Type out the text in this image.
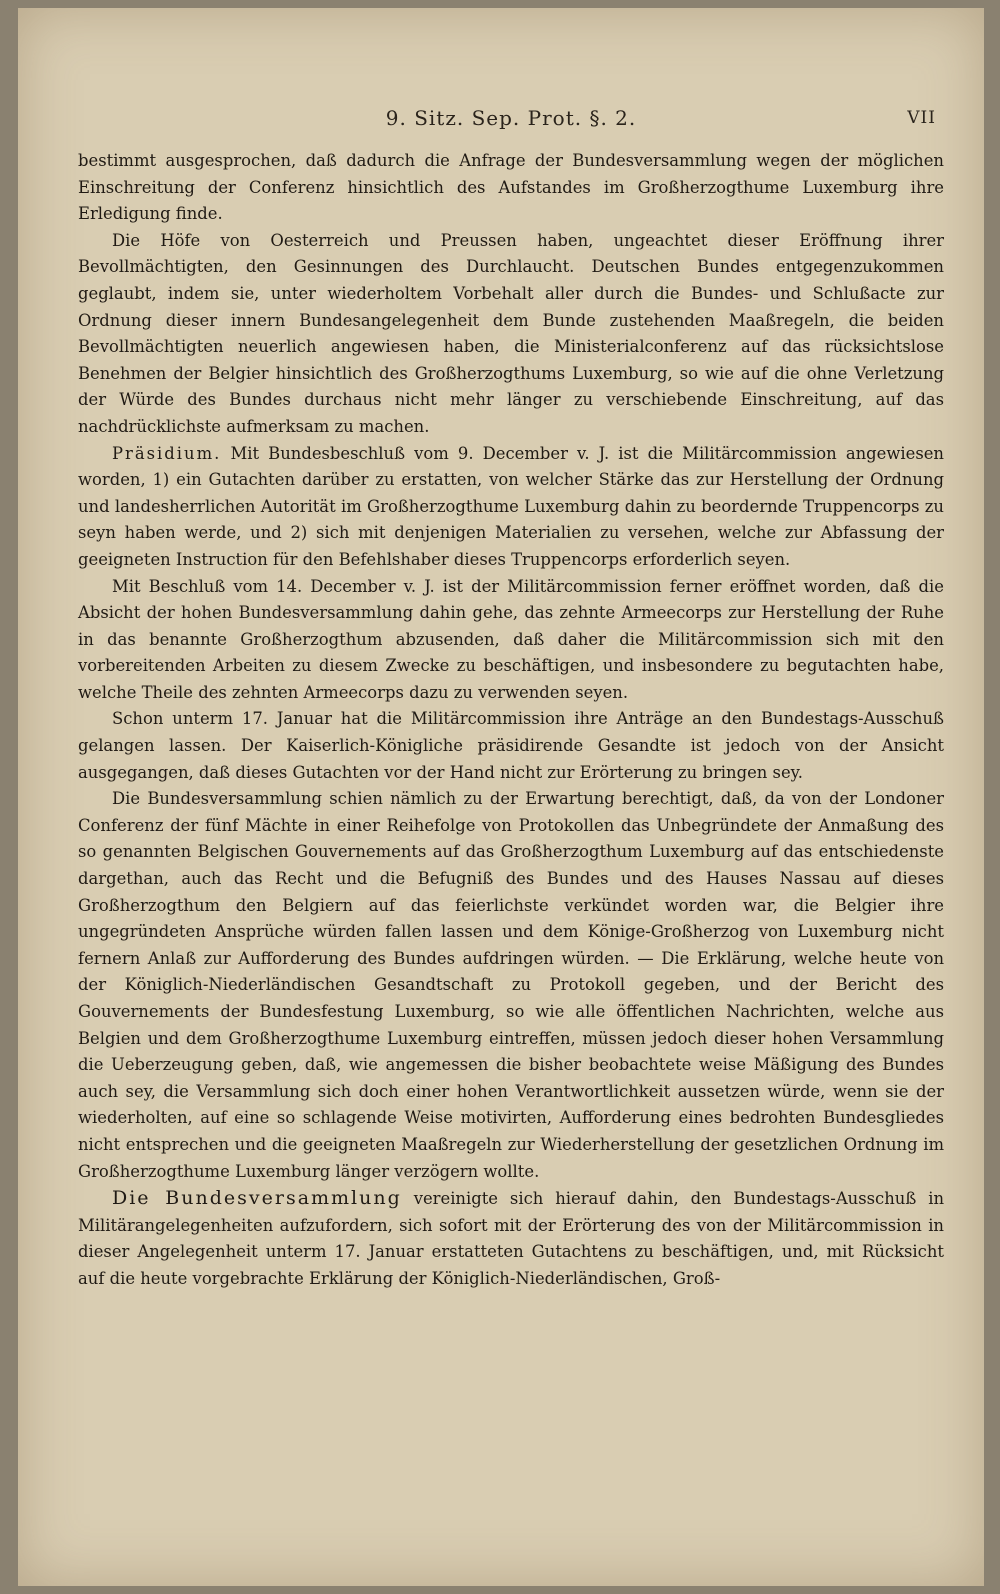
9. Sitz. Sep. Prot. §. 2.	VII

bestimmt ausgesprochen, daß dadurch die Anfrage der Bundesversammlung wegen der möglichen Einschreitung der Conferenz hinsichtlich des Aufstandes im Großherzogthume Luxemburg ihre Erledigung finde.

Die Höfe von Oesterreich und Preussen haben, ungeachtet dieser Eröffnung ihrer Bevollmächtigten, den Gesinnungen des Durchlaucht. Deutschen Bundes entgegenzukommen geglaubt, indem sie, unter wiederholtem Vorbehalt aller durch die Bundes- und Schlußacte zur Ordnung dieser innern Bundesangelegenheit dem Bunde zustehenden Maaßregeln, die beiden Bevollmächtigten neuerlich angewiesen haben, die Ministerialconferenz auf das rücksichtslose Benehmen der Belgier hinsichtlich des Großherzogthums Luxemburg, so wie auf die ohne Verletzung der Würde des Bundes durchaus nicht mehr länger zu verschiebende Einschreitung, auf das nachdrücklichste aufmerksam zu machen.

Präsidium. Mit Bundesbeschluß vom 9. December v. J. ist die Militärcommission angewiesen worden, 1) ein Gutachten darüber zu erstatten, von welcher Stärke das zur Herstellung der Ordnung und landesherrlichen Autorität im Großherzogthume Luxemburg dahin zu beordernde Truppencorps zu seyn haben werde, und 2) sich mit denjenigen Materialien zu versehen, welche zur Abfassung der geeigneten Instruction für den Befehlshaber dieses Truppencorps erforderlich seyen.

Mit Beschluß vom 14. December v. J. ist der Militärcommission ferner eröffnet worden, daß die Absicht der hohen Bundesversammlung dahin gehe, das zehnte Armeecorps zur Herstellung der Ruhe in das benannte Großherzogthum abzusenden, daß daher die Militärcommission sich mit den vorbereitenden Arbeiten zu diesem Zwecke zu beschäftigen, und insbesondere zu begutachten habe, welche Theile des zehnten Armeecorps dazu zu verwenden seyen.

Schon unterm 17. Januar hat die Militärcommission ihre Anträge an den Bundestags-Ausschuß gelangen lassen. Der Kaiserlich-Königliche präsidirende Gesandte ist jedoch von der Ansicht ausgegangen, daß dieses Gutachten vor der Hand nicht zur Erörterung zu bringen sey.

Die Bundesversammlung schien nämlich zu der Erwartung berechtigt, daß, da von der Londoner Conferenz der fünf Mächte in einer Reihefolge von Protokollen das Unbegründete der Anmaßung des so genannten Belgischen Gouvernements auf das Großherzogthum Luxemburg auf das entschiedenste dargethan, auch das Recht und die Befugniß des Bundes und des Hauses Nassau auf dieses Großherzogthum den Belgiern auf das feierlichste verkündet worden war, die Belgier ihre ungegründeten Ansprüche würden fallen lassen und dem Könige-Großherzog von Luxemburg nicht fernern Anlaß zur Aufforderung des Bundes aufdringen würden. — Die Erklärung, welche heute von der Königlich-Niederländischen Gesandtschaft zu Protokoll gegeben, und der Bericht des Gouvernements der Bundesfestung Luxemburg, so wie alle öffentlichen Nachrichten, welche aus Belgien und dem Großherzogthume Luxemburg eintreffen, müssen jedoch dieser hohen Versammlung die Ueberzeugung geben, daß, wie angemessen die bisher beobachtete weise Mäßigung des Bundes auch sey, die Versammlung sich doch einer hohen Verantwortlichkeit aussetzen würde, wenn sie der wiederholten, auf eine so schlagende Weise motivirten, Aufforderung eines bedrohten Bundesgliedes nicht entsprechen und die geeigneten Maaßregeln zur Wiederherstellung der gesetzlichen Ordnung im Großherzogthume Luxemburg länger verzögern wollte.

Die Bundesversammlung vereinigte sich hierauf dahin, den Bundestags-Ausschuß in Militärangelegenheiten aufzufordern, sich sofort mit der Erörterung des von der Militärcommission in dieser Angelegenheit unterm 17. Januar erstatteten Gutachtens zu beschäftigen, und, mit Rücksicht auf die heute vorgebrachte Erklärung der Königlich-Niederländischen, Groß-
